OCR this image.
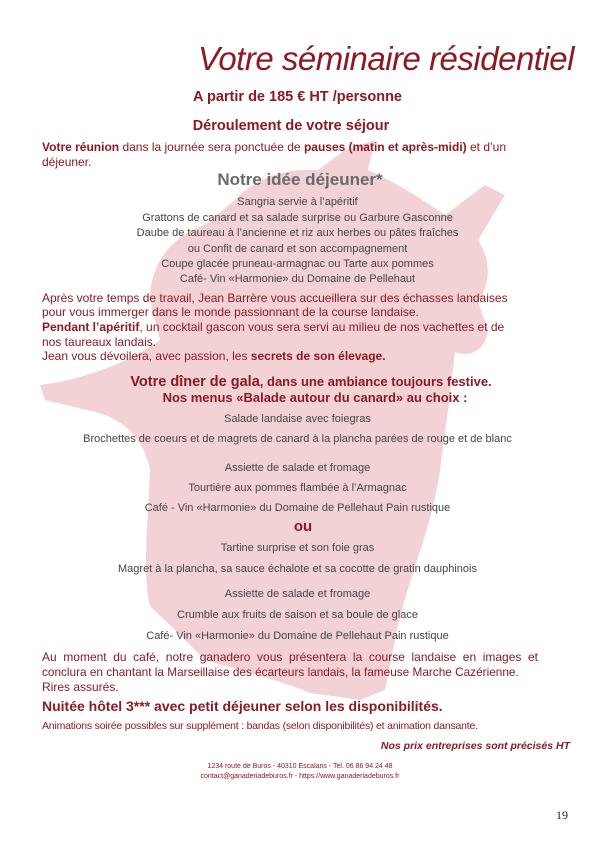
Votre séminaire résidentiel
A partir de 185 € HT /personne
Déroulement de votre séjour
Votre réunion dans la journée sera ponctuée de pauses (matin et après-midi) et d’un
déjeuner.
Notre idée déjeuner*
Sangria servie à l’apéritif
Grattons de canard et sa salade surprise ou Garbure Gasconne
Daube de taureau à l’ancienne et riz aux herbes ou pâtes fraîches
ou Confit de canard et son accompagnement
Coupe glacée pruneau-armagnac ou Tarte aux pommes
Café- Vin «Harmonie» du Domaine de Pellehaut
Après votre temps de travail, Jean Barrère vous accueillera sur des échasses landaises
pour vous immerger dans le monde passionnant de la course landaise.
Pendant l’apéritif, un cocktail gascon vous sera servi au milieu de nos vachettes et de
nos taureaux landais.
Jean vous dévoilera, avec passion, les secrets de son élevage.
Votre dîner de gala, dans une ambiance toujours festive.
Nos menus «Balade autour du canard» au choix :
Salade landaise avec foiegras
Brochettes de coeurs et de magrets de canard à la plancha parées de rouge et de blanc
Assiette de salade et fromage
Tourtière aux pommes flambée à l’Armagnac
Café - Vin «Harmonie» du Domaine de Pellehaut Pain rustique
ou
Tartine surprise et son foie gras
Magret à la plancha, sa sauce échalote et sa cocotte de gratin dauphinois
Assiette de salade et fromage
Crumble aux fruits de saison et sa boule de glace
Café- Vin «Harmonie» du Domaine de Pellehaut Pain rustique
Au moment du café, notre ganadero vous présentera la course landaise en images et
conclura en chantant la Marseillaise des écarteurs landais, la fameuse Marche Cazérienne.
Rires assurés.
Nuitée hôtel 3*** avec petit déjeuner selon les disponibilités.
Animations soirée possibles sur supplément : bandas (selon disponibilités) et animation dansante.
Nos prix entreprises sont précisés HT
1234 route de Buros - 40310 Escalans - Tel. 06 86 94 24 48
contact@ganaderiadeburos.fr - https://www.ganaderiadeburos.fr
19
